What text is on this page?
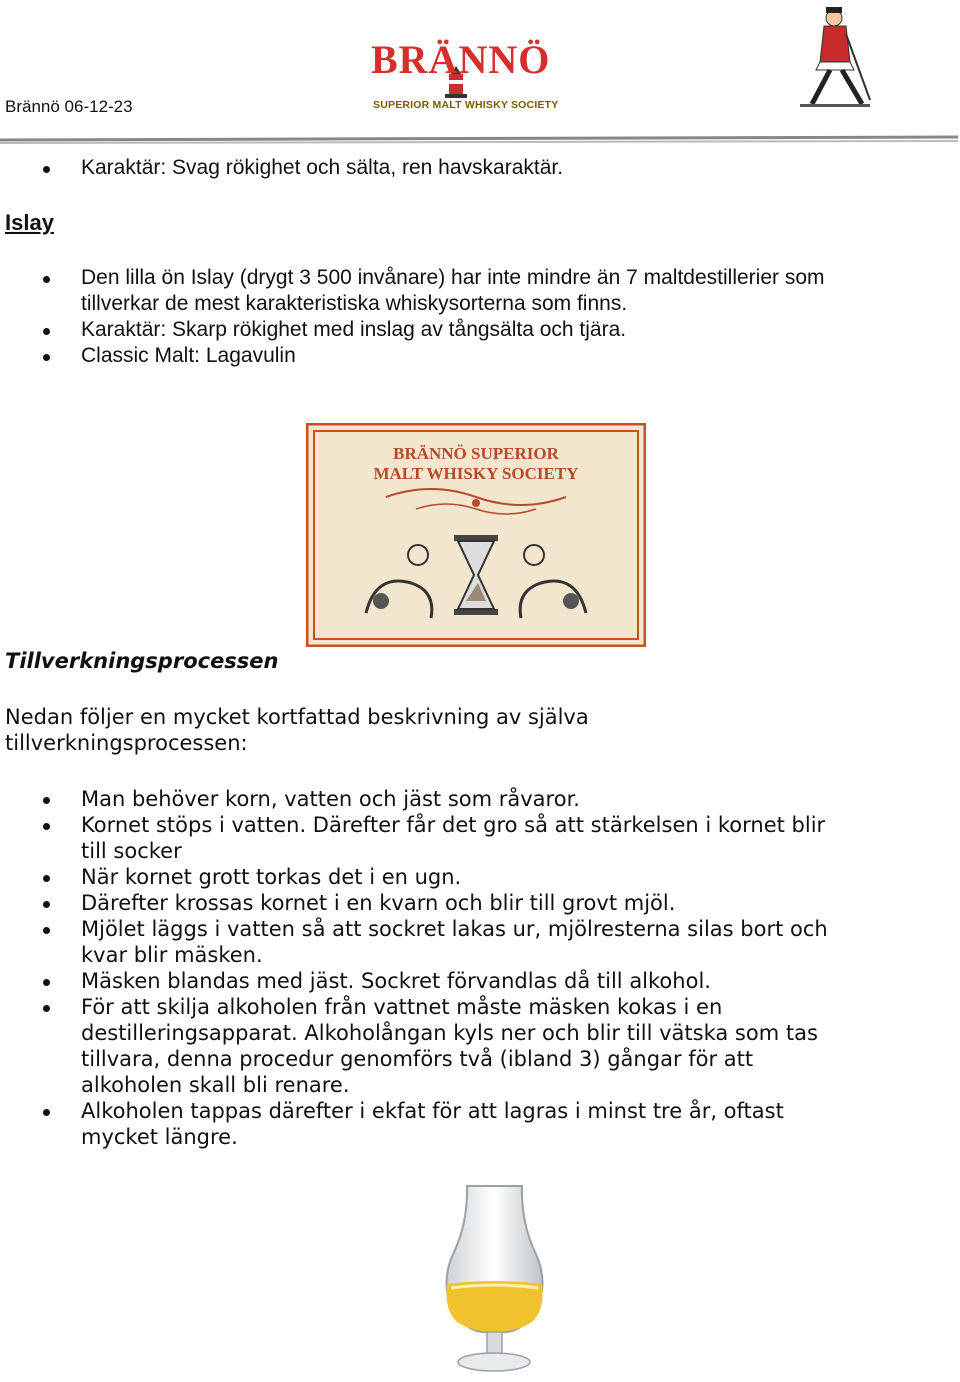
Brännö 06-12-23
BRÄNNÖ
SUPERIOR MALT WHISKY SOCIETY
Karaktär: Svag rökighet och sälta, ren havskaraktär.
Islay
Den lilla ön Islay (drygt 3 500 invånare) har inte mindre än 7 maltdestillerier som tillverkar de mest karakteristiska whiskysorterna som finns.
Karaktär: Skarp rökighet med inslag av tångsälta och tjära.
Classic Malt: Lagavulin
BRÄNNÖ SUPERIOR
MALT WHISKY SOCIETY
Tillverkningsprocessen
Nedan följer en mycket kortfattad beskrivning av själva tillverkningsprocessen:
Man behöver korn, vatten och jäst som råvaror.
Kornet stöps i vatten. Därefter får det gro så att stärkelsen i kornet blir till socker
När kornet grott torkas det i en ugn.
Därefter krossas kornet i en kvarn och blir till grovt mjöl.
Mjölet läggs i vatten så att sockret lakas ur, mjölresterna silas bort och kvar blir mäsken.
Mäsken blandas med jäst. Sockret förvandlas då till alkohol.
För att skilja alkoholen från vattnet måste mäsken kokas i en destilleringsapparat. Alkoholångan kyls ner och blir till vätska som tas tillvara, denna procedur genomförs två (ibland 3) gångar för att alkoholen skall bli renare.
Alkoholen tappas därefter i ekfat för att lagras i minst tre år, oftast mycket längre.
